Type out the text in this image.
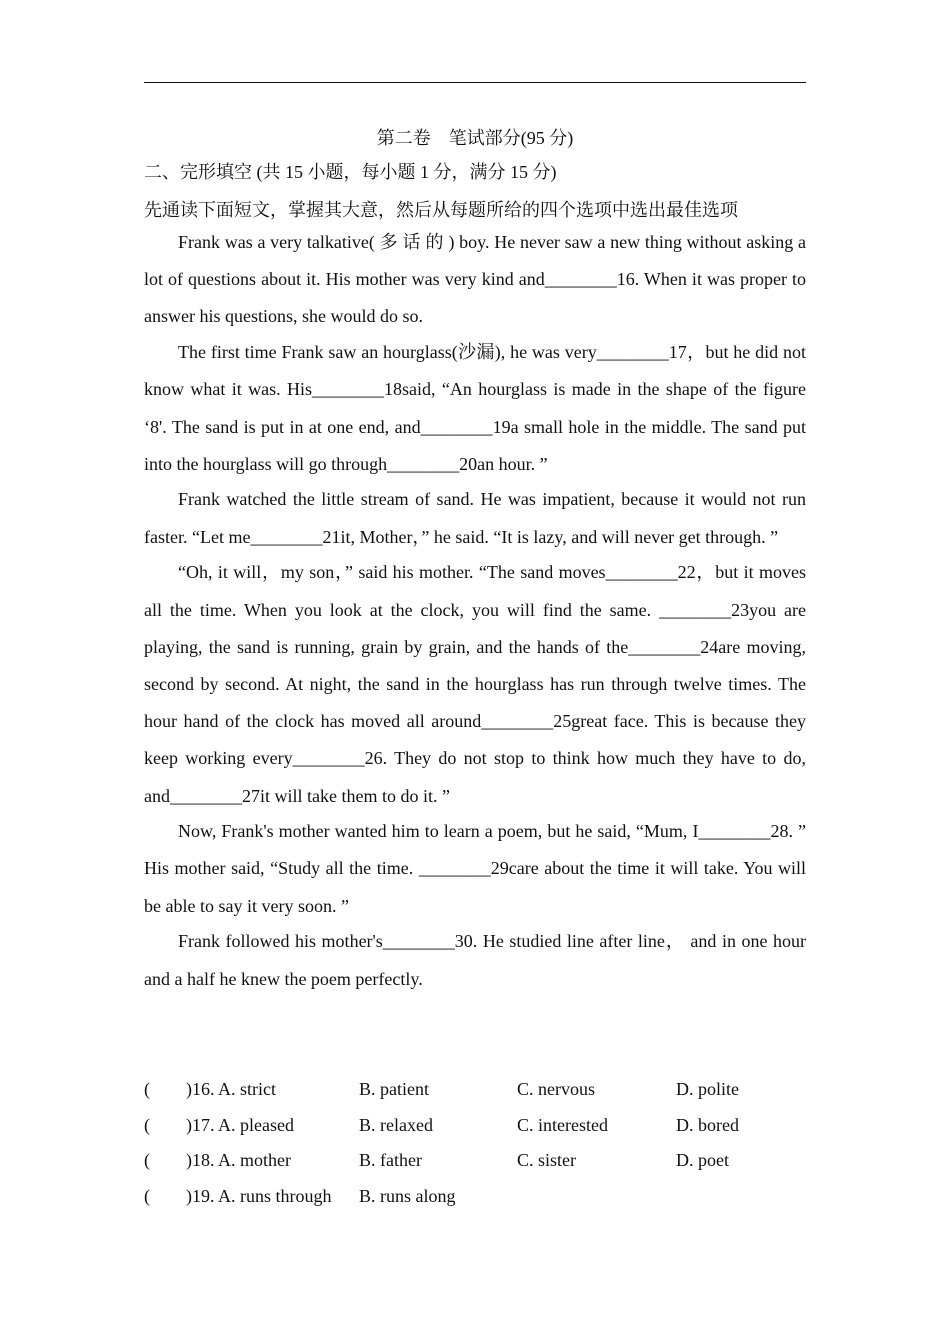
第二卷　笔试部分(95 分)
二、完形填空 (共 15 小题，每小题 1 分，满分 15 分)
先通读下面短文，掌握其大意，然后从每题所给的四个选项中选出最佳选项

Frank was a very talkative( 多 话 的 ) boy. He never saw a new thing without asking a lot of questions about it. His mother was very kind and________16. When it was proper to answer his questions, she would do so.

The first time Frank saw an hourglass(沙漏), he was very________17，but he did not know what it was. His________18said, “An hourglass is made in the shape of the figure ‘8'. The sand is put in at one end, and________19a small hole in the middle. The sand put into the hourglass will go through________20an hour. ”

Frank watched the little stream of sand. He was impatient, because it would not run faster. “Let me________21it, Mother，” he said. “It is lazy, and will never get through. ”

“Oh, it will，my son，” said his mother. “The sand moves________22，but it moves all the time. When you look at the clock, you will find the same. ________23you are playing, the sand is running, grain by grain, and the hands of the________24are moving, second by second. At night, the sand in the hourglass has run through twelve times. The hour hand of the clock has moved all around________25great face. This is because they keep working every________26. They do not stop to think how much they have to do, and________27it will take them to do it. ”

Now, Frank's mother wanted him to learn a poem, but he said, “Mum, I________28. ” His mother said, “Study all the time. ________29care about the time it will take. You will be able to say it very soon. ”

Frank followed his mother's________30. He studied line after line， and in one hour and a half he knew the poem perfectly.

(　　)16. A. strict	B. patient	C. nervous	D. polite
(　　)17. A. pleased	B. relaxed	C. interested	D. bored
(　　)18. A. mother	B. father	C. sister	D. poet
(　　)19. A. runs through B. runs along
